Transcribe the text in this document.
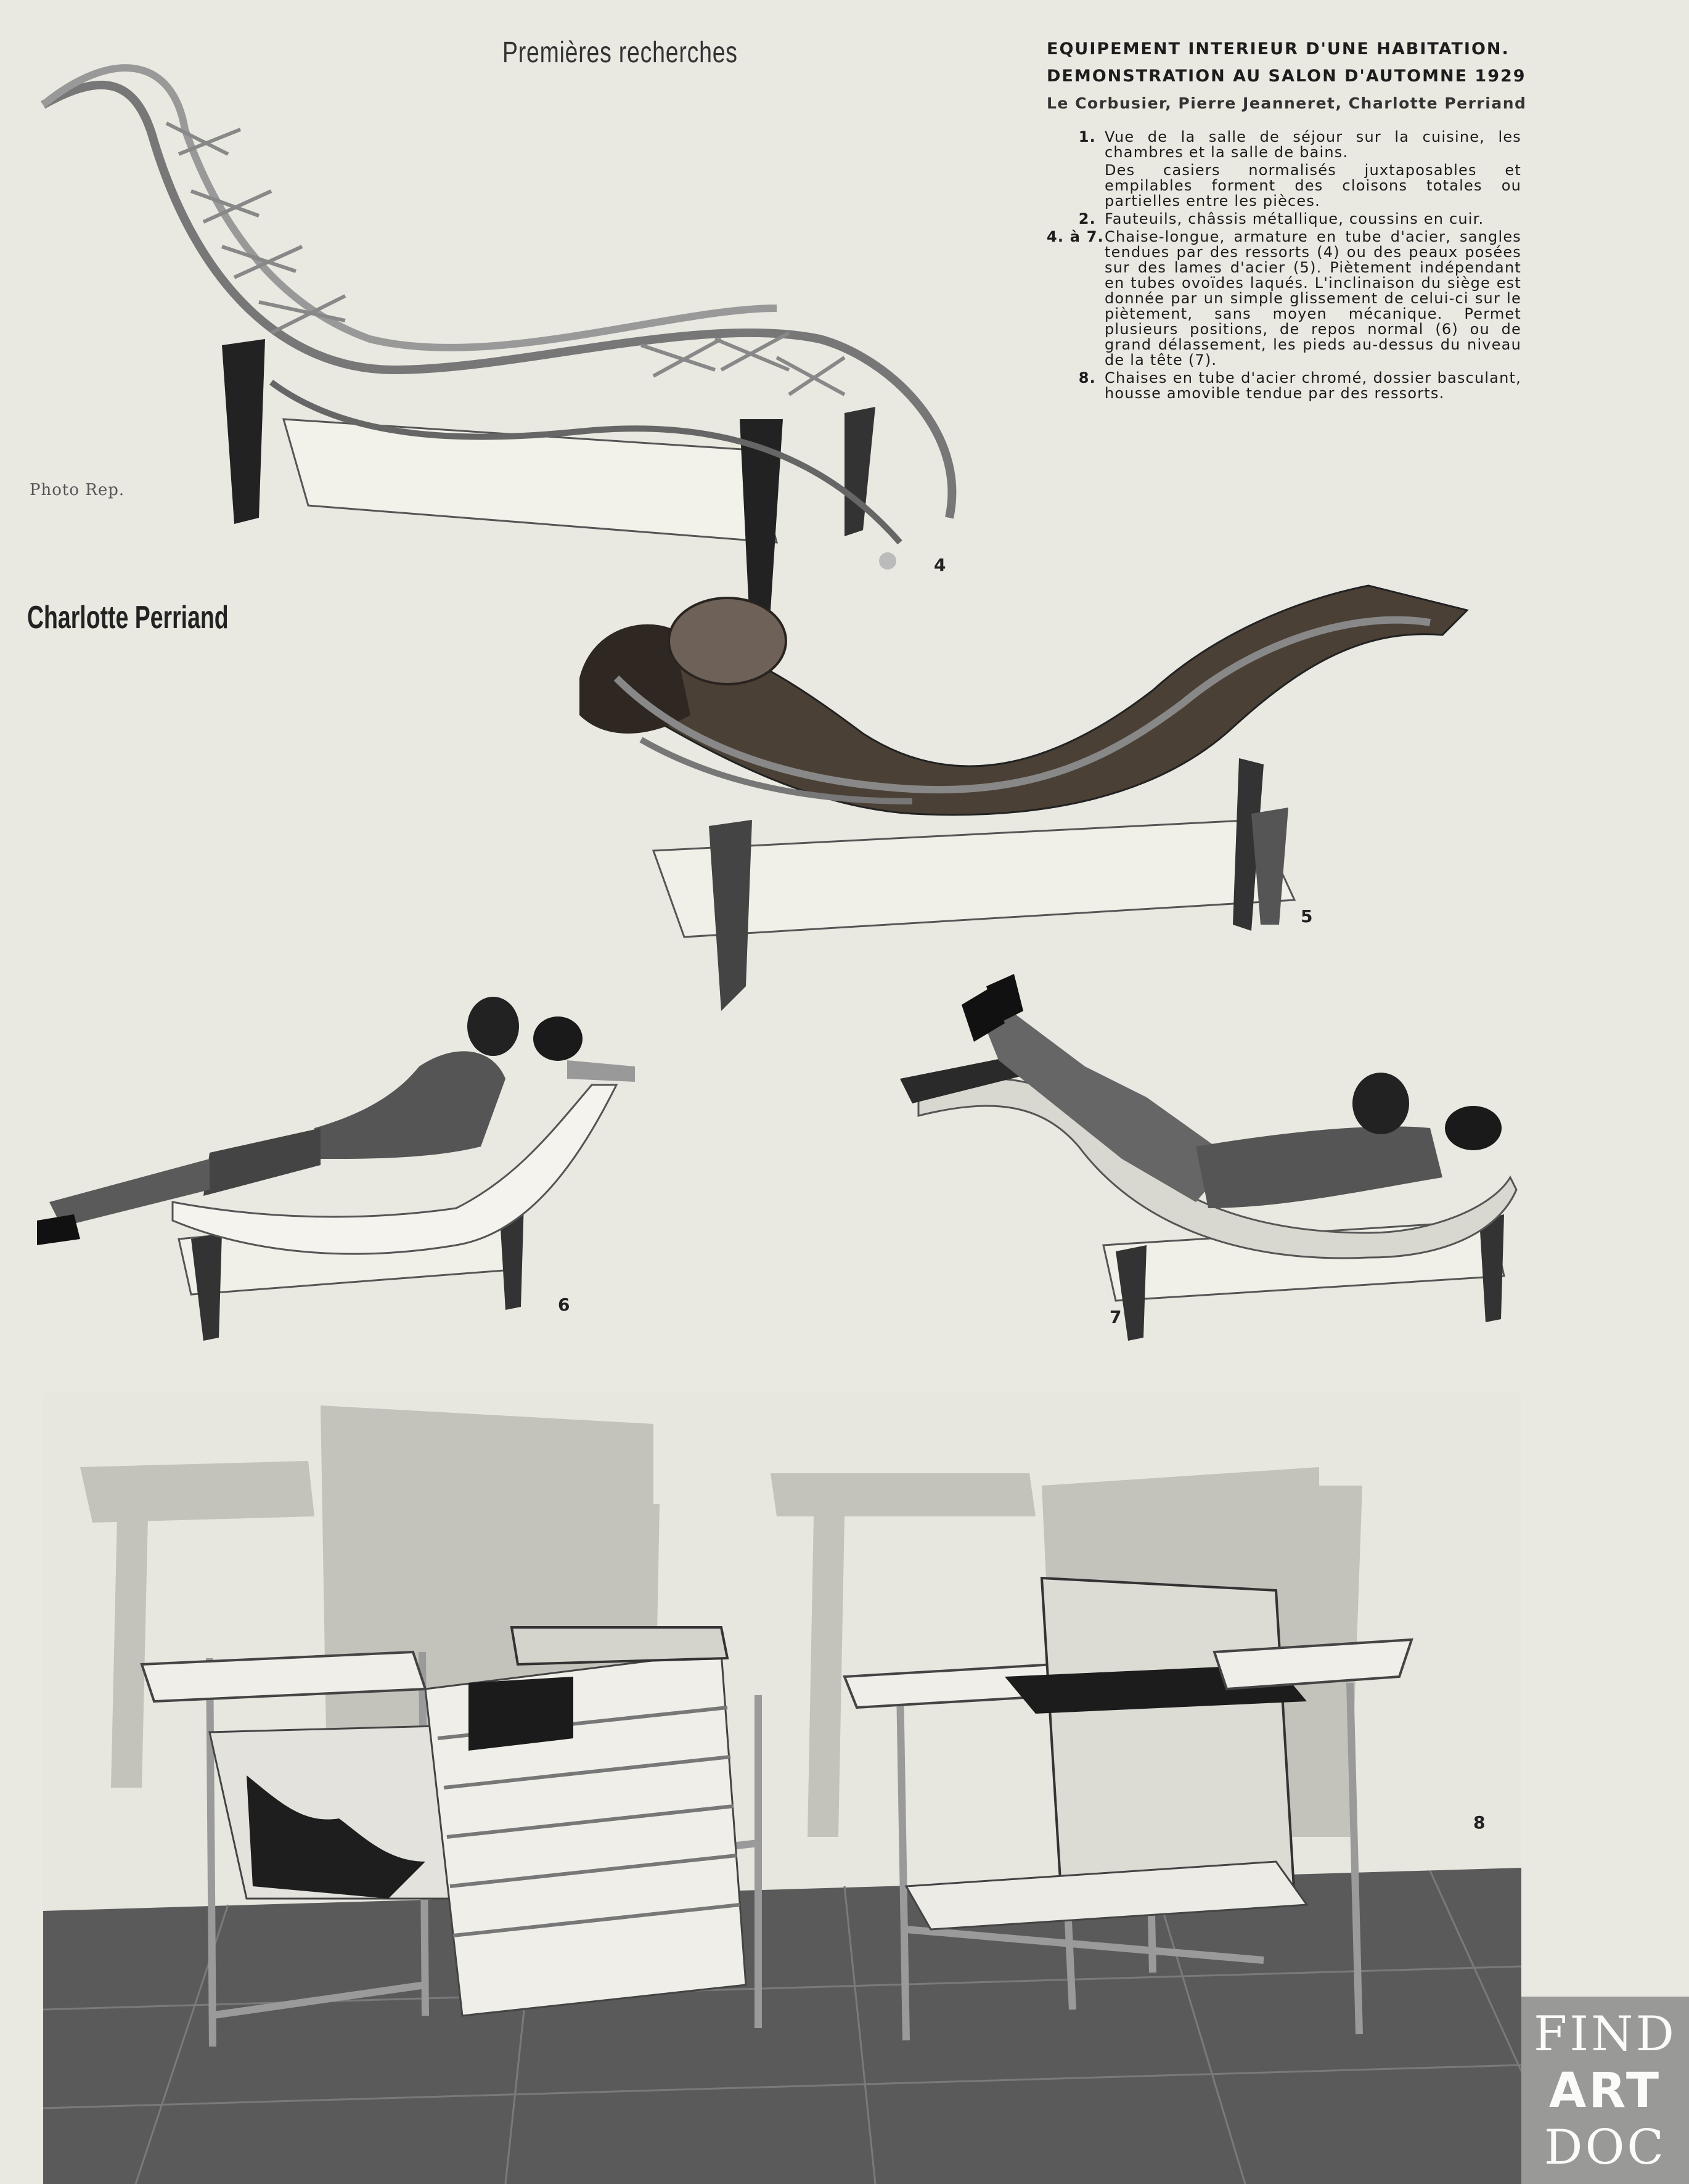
Premières recherches
Charlotte Perriand
Photo Rep.
EQUIPEMENT INTERIEUR D'UNE HABITATION.
DEMONSTRATION AU SALON D'AUTOMNE 1929
Le Corbusier, Pierre Jeanneret, Charlotte Perriand
1. Vue de la salle de séjour sur la cuisine, les chambres et la salle de bains.
Des casiers normalisés juxtaposables et empilables forment des cloisons totales ou partielles entre les pièces.
2. Fauteuils, châssis métallique, coussins en cuir.
4. à 7. Chaise-longue, armature en tube d'acier, sangles tendues par des ressorts (4) ou des peaux posées sur des lames d'acier (5). Piètement indépendant en tubes ovoïdes laqués. L'inclinaison du siège est donnée par un simple glissement de celui-ci sur le piètement, sans moyen mécanique. Permet plusieurs positions, de repos normal (6) ou de grand délassement, les pieds au-dessus du niveau de la tête (7).
8. Chaises en tube d'acier chromé, dossier basculant, housse amovible tendue par des ressorts.
4
5
6
7
8
FIND
ART
DOC
